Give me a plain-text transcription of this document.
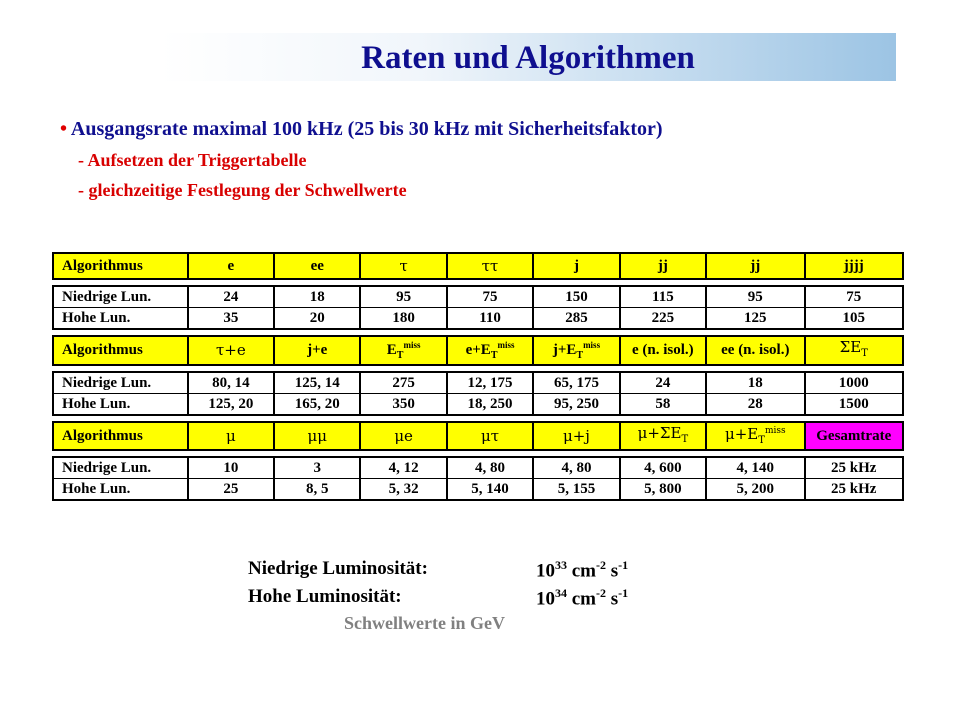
Raten und Algorithmen
• Ausgangsrate maximal 100 kHz (25 bis 30 kHz mit Sicherheitsfaktor)
- Aufsetzen der Triggertabelle
- gleichzeitige Festlegung der Schwellwerte
Algorithmus	e	ee	τ	ττ	j	jj	jj	jjjj

Niedrige Lun.	24	18	95	75	150	115	95	75
Hohe Lun.	35	20	180	110	285	225	125	105

Algorithmus	τ+e	j+e	$E_T^{miss}$	$e+E_T^{miss}$	$j+E_T^{miss}$	e (n. isol.)	ee (n. isol.)	$\Sigma E_T$

Niedrige Lun.	80, 14	125, 14	275	12, 175	65, 175	24	18	1000
Hohe Lun.	125, 20	165, 20	350	18, 250	95, 250	58	28	1500

Algorithmus	μ	μμ	μe	μτ	μ+j	$\mu+\Sigma E_T$	$\mu+E_T^{miss}$	Gesamtrate

Niedrige Lun.	10	3	4, 12	4, 80	4, 80	4, 600	4, 140	25 kHz
Hohe Lun.	25	8, 5	5, 32	5, 140	5, 155	5, 800	5, 200	25 kHz
Niedrige Luminosität:	$10^{33}$ $cm^{-2}$ $s^{-1}$
Hohe Luminosität:	$10^{34}$ $cm^{-2}$ $s^{-1}$
Schwellwerte in GeV
